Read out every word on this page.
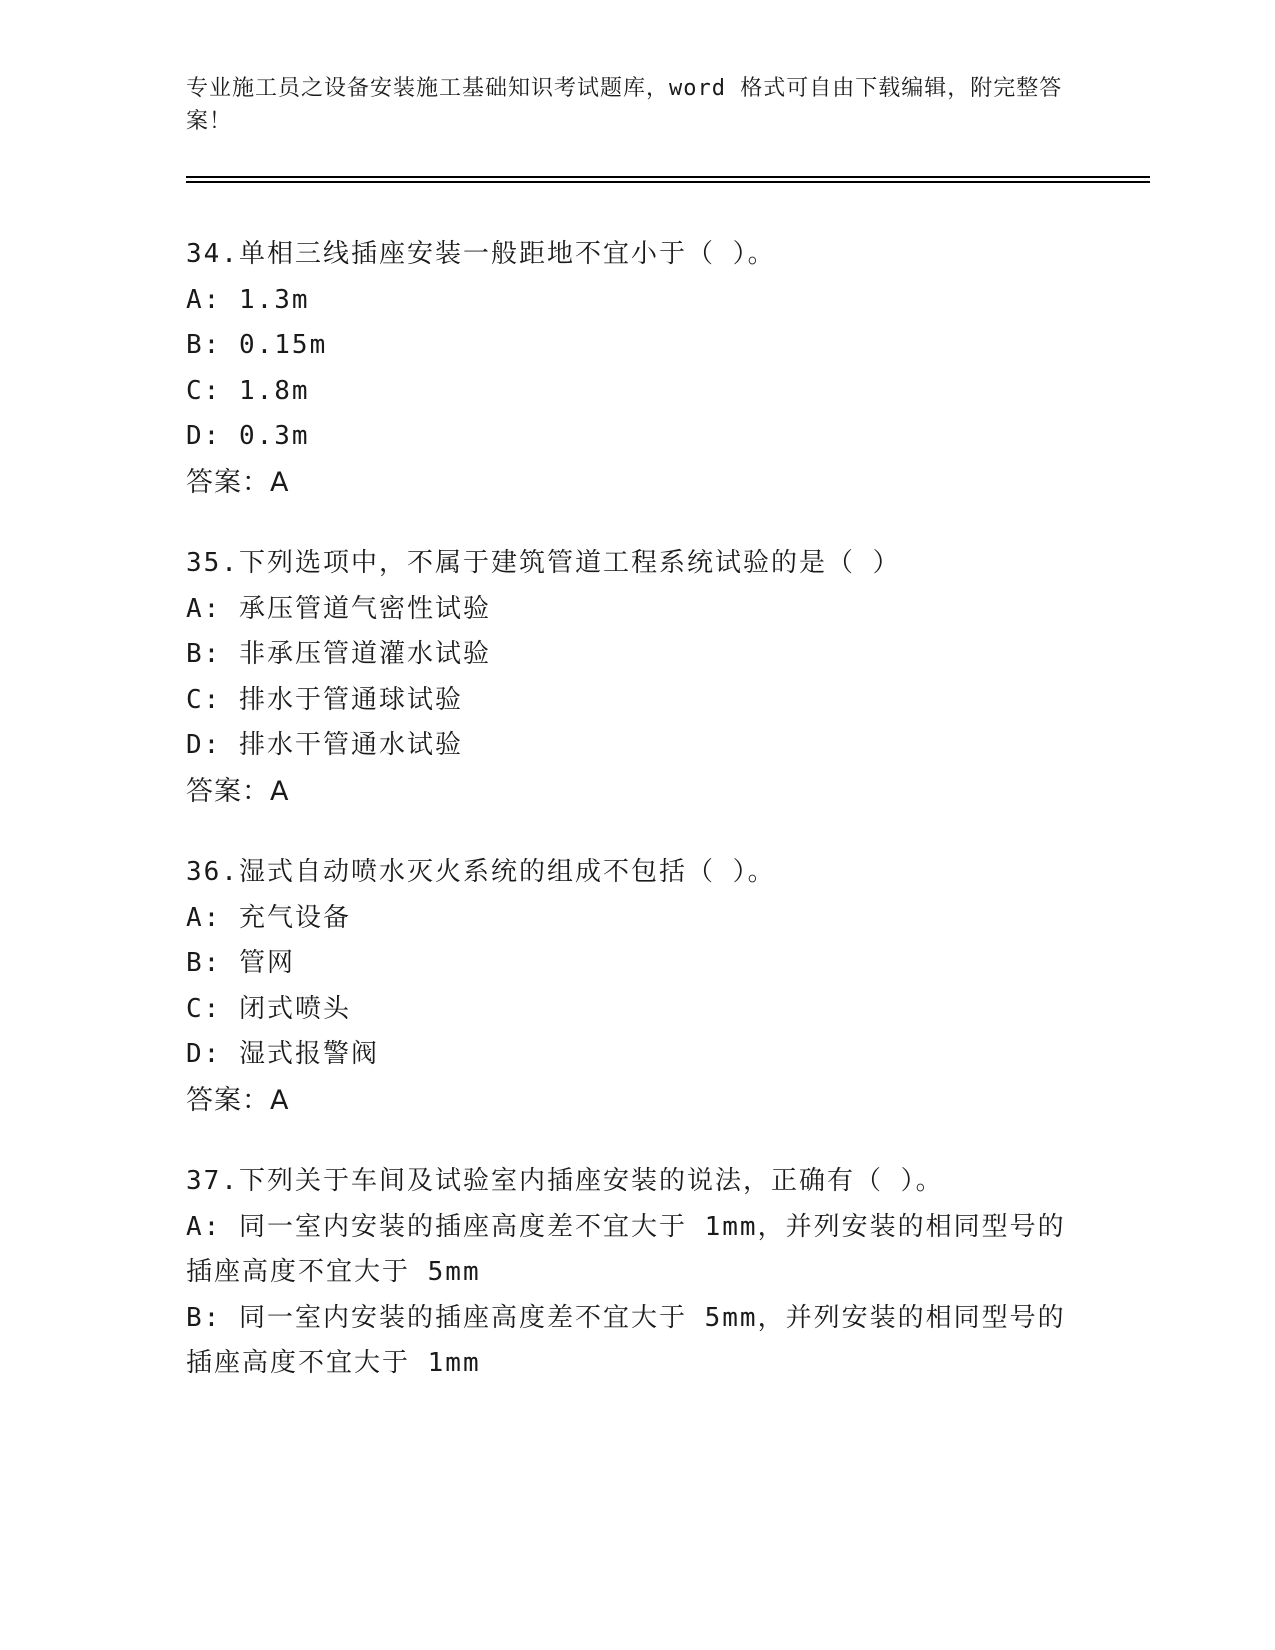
专业施工员之设备安装施工基础知识考试题库，word 格式可自由下载编辑，附完整答案！
34.单相三线插座安装一般距地不宜小于（ ）。
A: 1.3m
B: 0.15m
C: 1.8m
D: 0.3m
答案：A
35.下列选项中，不属于建筑管道工程系统试验的是（ ）
A: 承压管道气密性试验
B: 非承压管道灌水试验
C: 排水于管通球试验
D: 排水干管通水试验
答案：A
36.湿式自动喷水灭火系统的组成不包括（ ）。
A: 充气设备
B: 管网
C: 闭式喷头
D: 湿式报警阀
答案：A
37.下列关于车间及试验室内插座安装的说法，正确有（ ）。
A: 同一室内安装的插座高度差不宜大于 1mm，并列安装的相同型号的插座高度不宜大于 5mm
B: 同一室内安装的插座高度差不宜大于 5mm，并列安装的相同型号的插座高度不宜大于 1mm
